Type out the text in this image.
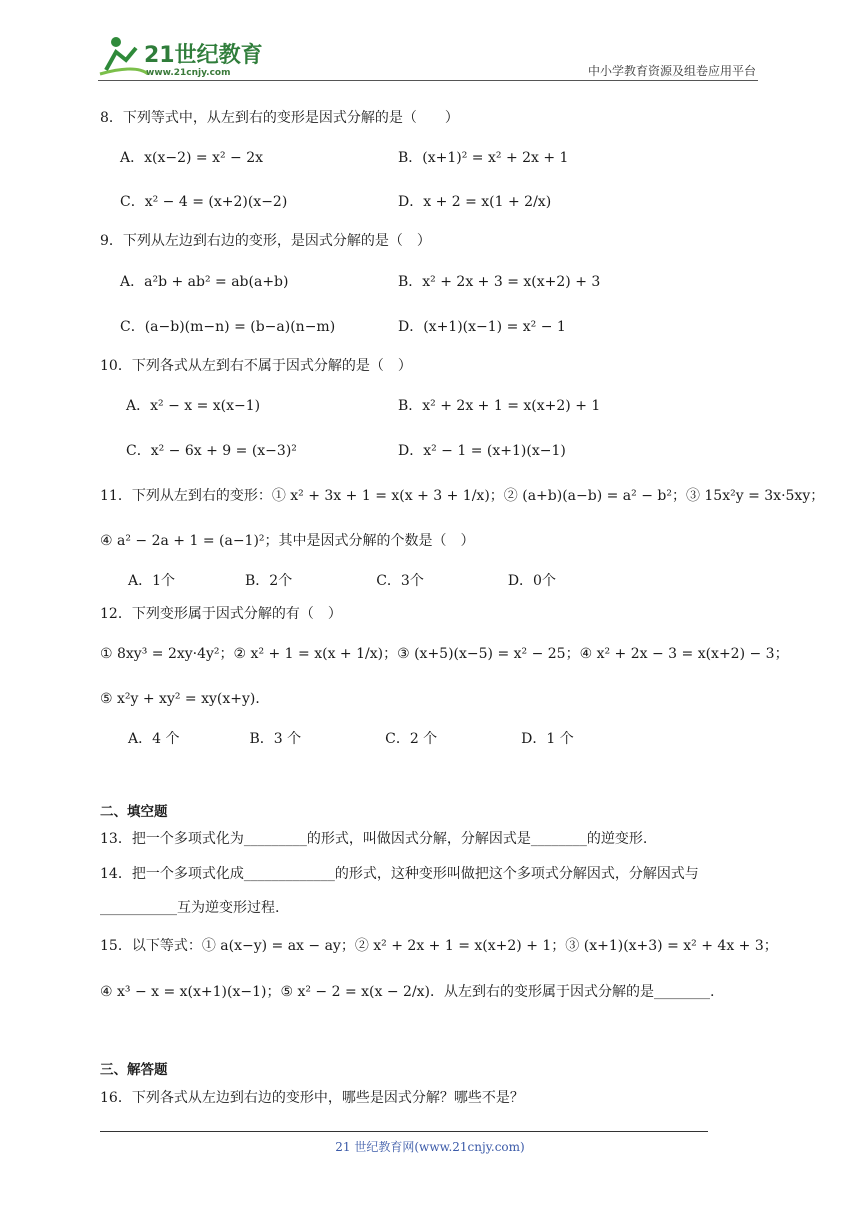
21世纪教育
www.21cnjy.com	中小学教育资源及组卷应用平台
8．下列等式中，从左到右的变形是因式分解的是（　　）
A．x(x−2) = x² − 2x	B．(x+1)² = x² + 2x + 1
C．x² − 4 = (x+2)(x−2)	D．x + 2 = x(1 + 2/x)
9．下列从左边到右边的变形，是因式分解的是（　）
A．a²b + ab² = ab(a+b)	B．x² + 2x + 3 = x(x+2) + 3
C．(a−b)(m−n) = (b−a)(n−m)	D．(x+1)(x−1) = x² − 1
10．下列各式从左到右不属于因式分解的是（　）
A．x² − x = x(x−1)	B．x² + 2x + 1 = x(x+2) + 1
C．x² − 6x + 9 = (x−3)²	D．x² − 1 = (x+1)(x−1)
11．下列从左到右的变形：① x² + 3x + 1 = x(x + 3 + 1/x)；② (a+b)(a−b) = a² − b²；③ 15x²y = 3x·5xy；
④ a² − 2a + 1 = (a−1)²；其中是因式分解的个数是（　）
A．1个　　　　　B．2个　　　　　　C．3个　　　　　　D．0个
12．下列变形属于因式分解的有（　）
① 8xy³ = 2xy·4y²；② x² + 1 = x(x + 1/x)；③ (x+5)(x−5) = x² − 25；④ x² + 2x − 3 = x(x+2) − 3；
⑤ x²y + xy² = xy(x+y)．
A．4 个　　　　　B．3 个　　　　　　C．2 个　　　　　　D．1 个
二、填空题
13．把一个多项式化为_________的形式，叫做因式分解，分解因式是________的逆变形.
14．把一个多项式化成_____________的形式，这种变形叫做把这个多项式分解因式，分解因式与
___________互为逆变形过程.
15．以下等式：① a(x−y) = ax − ay；② x² + 2x + 1 = x(x+2) + 1；③ (x+1)(x+3) = x² + 4x + 3；
④ x³ − x = x(x+1)(x−1)；⑤ x² − 2 = x(x − 2/x)．从左到右的变形属于因式分解的是________.
三、解答题
16．下列各式从左边到右边的变形中，哪些是因式分解？哪些不是？
21 世纪教育网(www.21cnjy.com)
